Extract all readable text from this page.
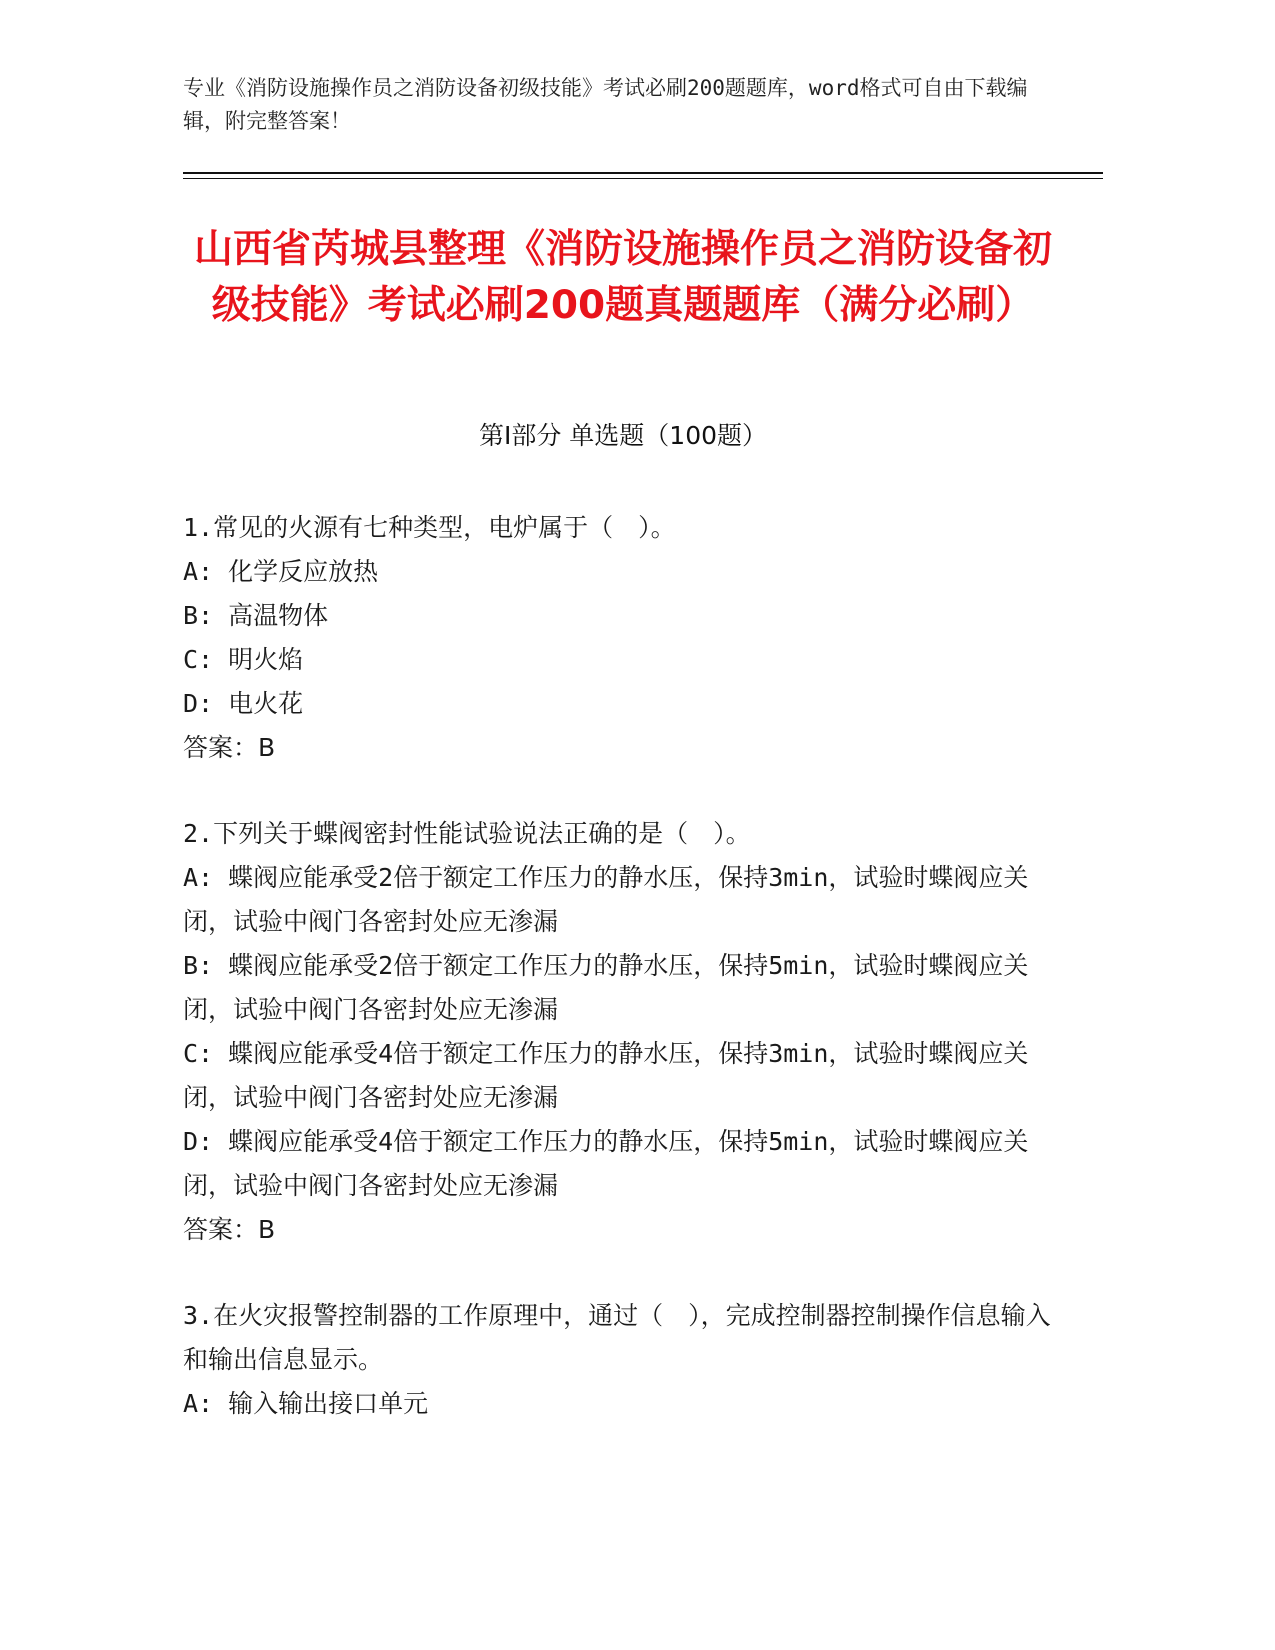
专业《消防设施操作员之消防设备初级技能》考试必刷200题题库，word格式可自由下载编辑，附完整答案！
山西省芮城县整理《消防设施操作员之消防设备初级技能》考试必刷200题真题题库（满分必刷）
第Ⅰ部分 单选题（100题）

1.常见的火源有七种类型，电炉属于（　）。

A: 化学反应放热

B: 高温物体

C: 明火焰

D: 电火花

答案：B

2.下列关于蝶阀密封性能试验说法正确的是（　）。

A: 蝶阀应能承受2倍于额定工作压力的静水压，保持3min，试验时蝶阀应关闭，试验中阀门各密封处应无渗漏

B: 蝶阀应能承受2倍于额定工作压力的静水压，保持5min，试验时蝶阀应关闭，试验中阀门各密封处应无渗漏

C: 蝶阀应能承受4倍于额定工作压力的静水压，保持3min，试验时蝶阀应关闭，试验中阀门各密封处应无渗漏

D: 蝶阀应能承受4倍于额定工作压力的静水压，保持5min，试验时蝶阀应关闭，试验中阀门各密封处应无渗漏

答案：B

3.在火灾报警控制器的工作原理中，通过（　），完成控制器控制操作信息输入和输出信息显示。

A: 输入输出接口单元
